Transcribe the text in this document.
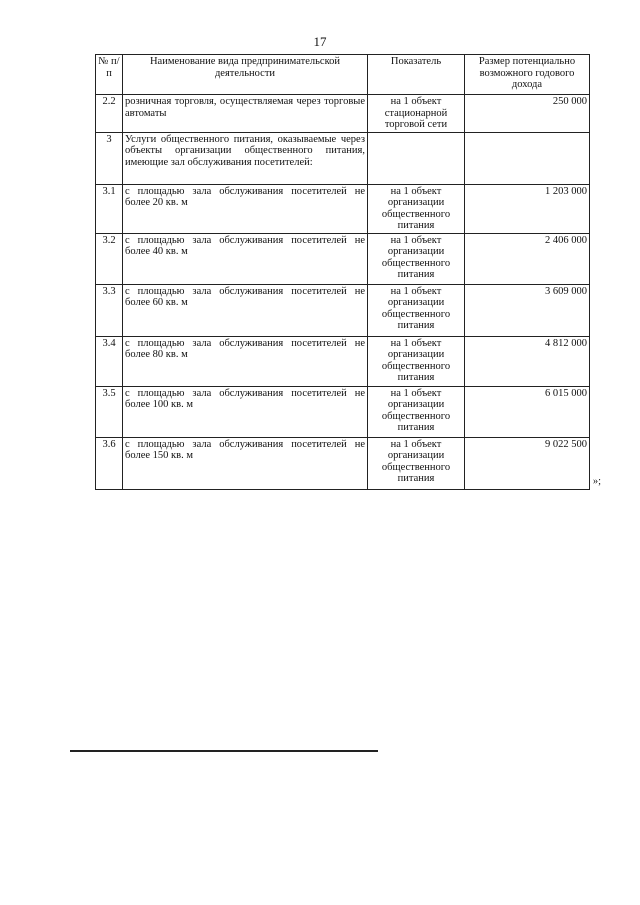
17
№ п/п	Наименование вида предпринимательской деятельности	Показатель	Размер потенциально возможного годового дохода
2.2	розничная торговля, осуществляемая через торговые автоматы	на 1 объект стационарной торговой сети	250 000
3	Услуги общественного питания, оказываемые через объекты организации общественного питания, имеющие зал обслуживания посетителей:		
3.1	с площадью зала обслуживания посетителей не более 20 кв. м	на 1 объект организации общественного питания	1 203 000
3.2	с площадью зала обслуживания посетителей не более 40 кв. м	на 1 объект организации общественного питания	2 406 000
3.3	с площадью зала обслуживания посетителей не более 60 кв. м	на 1 объект организации общественного питания	3 609 000
3.4	с площадью зала обслуживания посетителей не более 80 кв. м	на 1 объект организации общественного питания	4 812 000
3.5	с площадью зала обслуживания посетителей не более 100 кв. м	на 1 объект организации общественного питания	6 015 000
3.6	с площадью зала обслуживания посетителей не более 150 кв. м	на 1 объект организации общественного питания	9 022 500
»;
